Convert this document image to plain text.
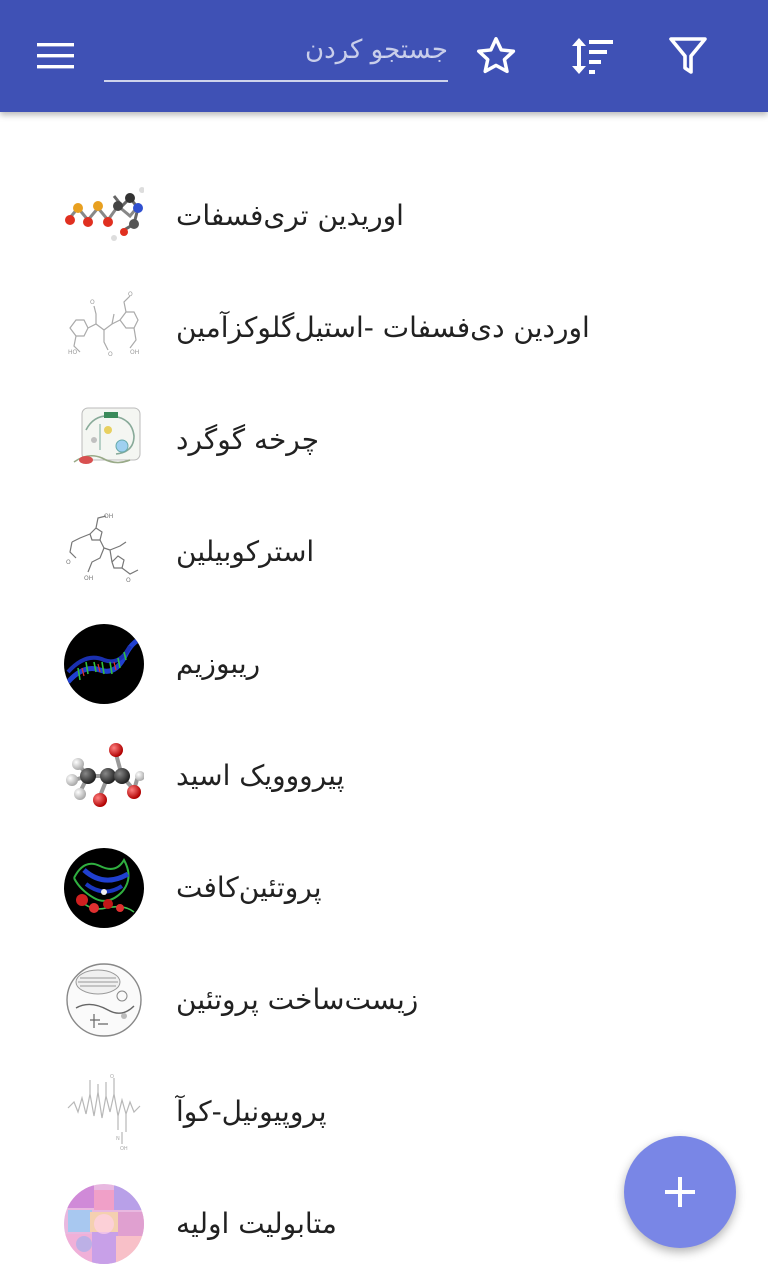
جستجو کردن
اوریدین تری‌فسفات
O
O
HO	OH
O
اوردین دی‌فسفات -استیل‌گلوکزآمین
چرخه گوگرد
OH
OH	O
O	استرکوبیلین
ریبوزیم
پیرووویک اسید
پروتئین‌کافت
زیست‌ساخت پروتئین
O
N
OH
پروپیونیل-کوآ
متابولیت اولیه
